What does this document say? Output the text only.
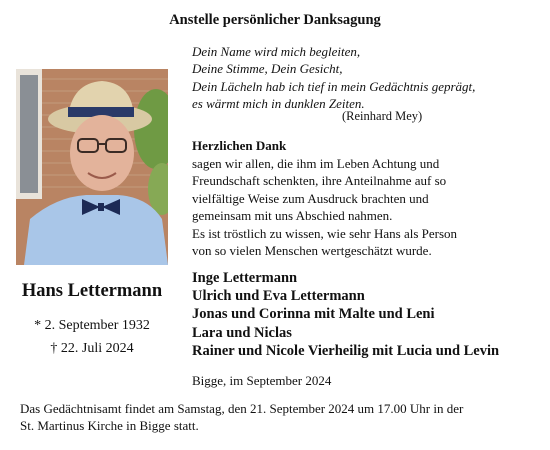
Anstelle persönlicher Danksagung
Dein Name wird mich begleiten,
Deine Stimme, Dein Gesicht,
Dein Lächeln hab ich tief in mein Gedächtnis geprägt,
es wärmt mich in dunklen Zeiten.
(Reinhard Mey)
Herzlichen Dank
sagen wir allen, die ihm im Leben Achtung und
Freundschaft schenkten, ihre Anteilnahme auf so
vielfältige Weise zum Ausdruck brachten und
gemeinsam mit uns Abschied nahmen.
Es ist tröstlich zu wissen, wie sehr Hans als Person
von so vielen Menschen wertgeschätzt wurde.
Hans Lettermann
* 2. September 1932
† 22. Juli 2024
Inge Lettermann
Ulrich und Eva Lettermann
Jonas und Corinna mit Malte und Leni
Lara und Niclas
Rainer und Nicole Vierheilig mit Lucia und Levin
Bigge, im September 2024
Das Gedächtnisamt findet am Samstag, den 21. September 2024 um 17.00 Uhr in der
St. Martinus Kirche in Bigge statt.
